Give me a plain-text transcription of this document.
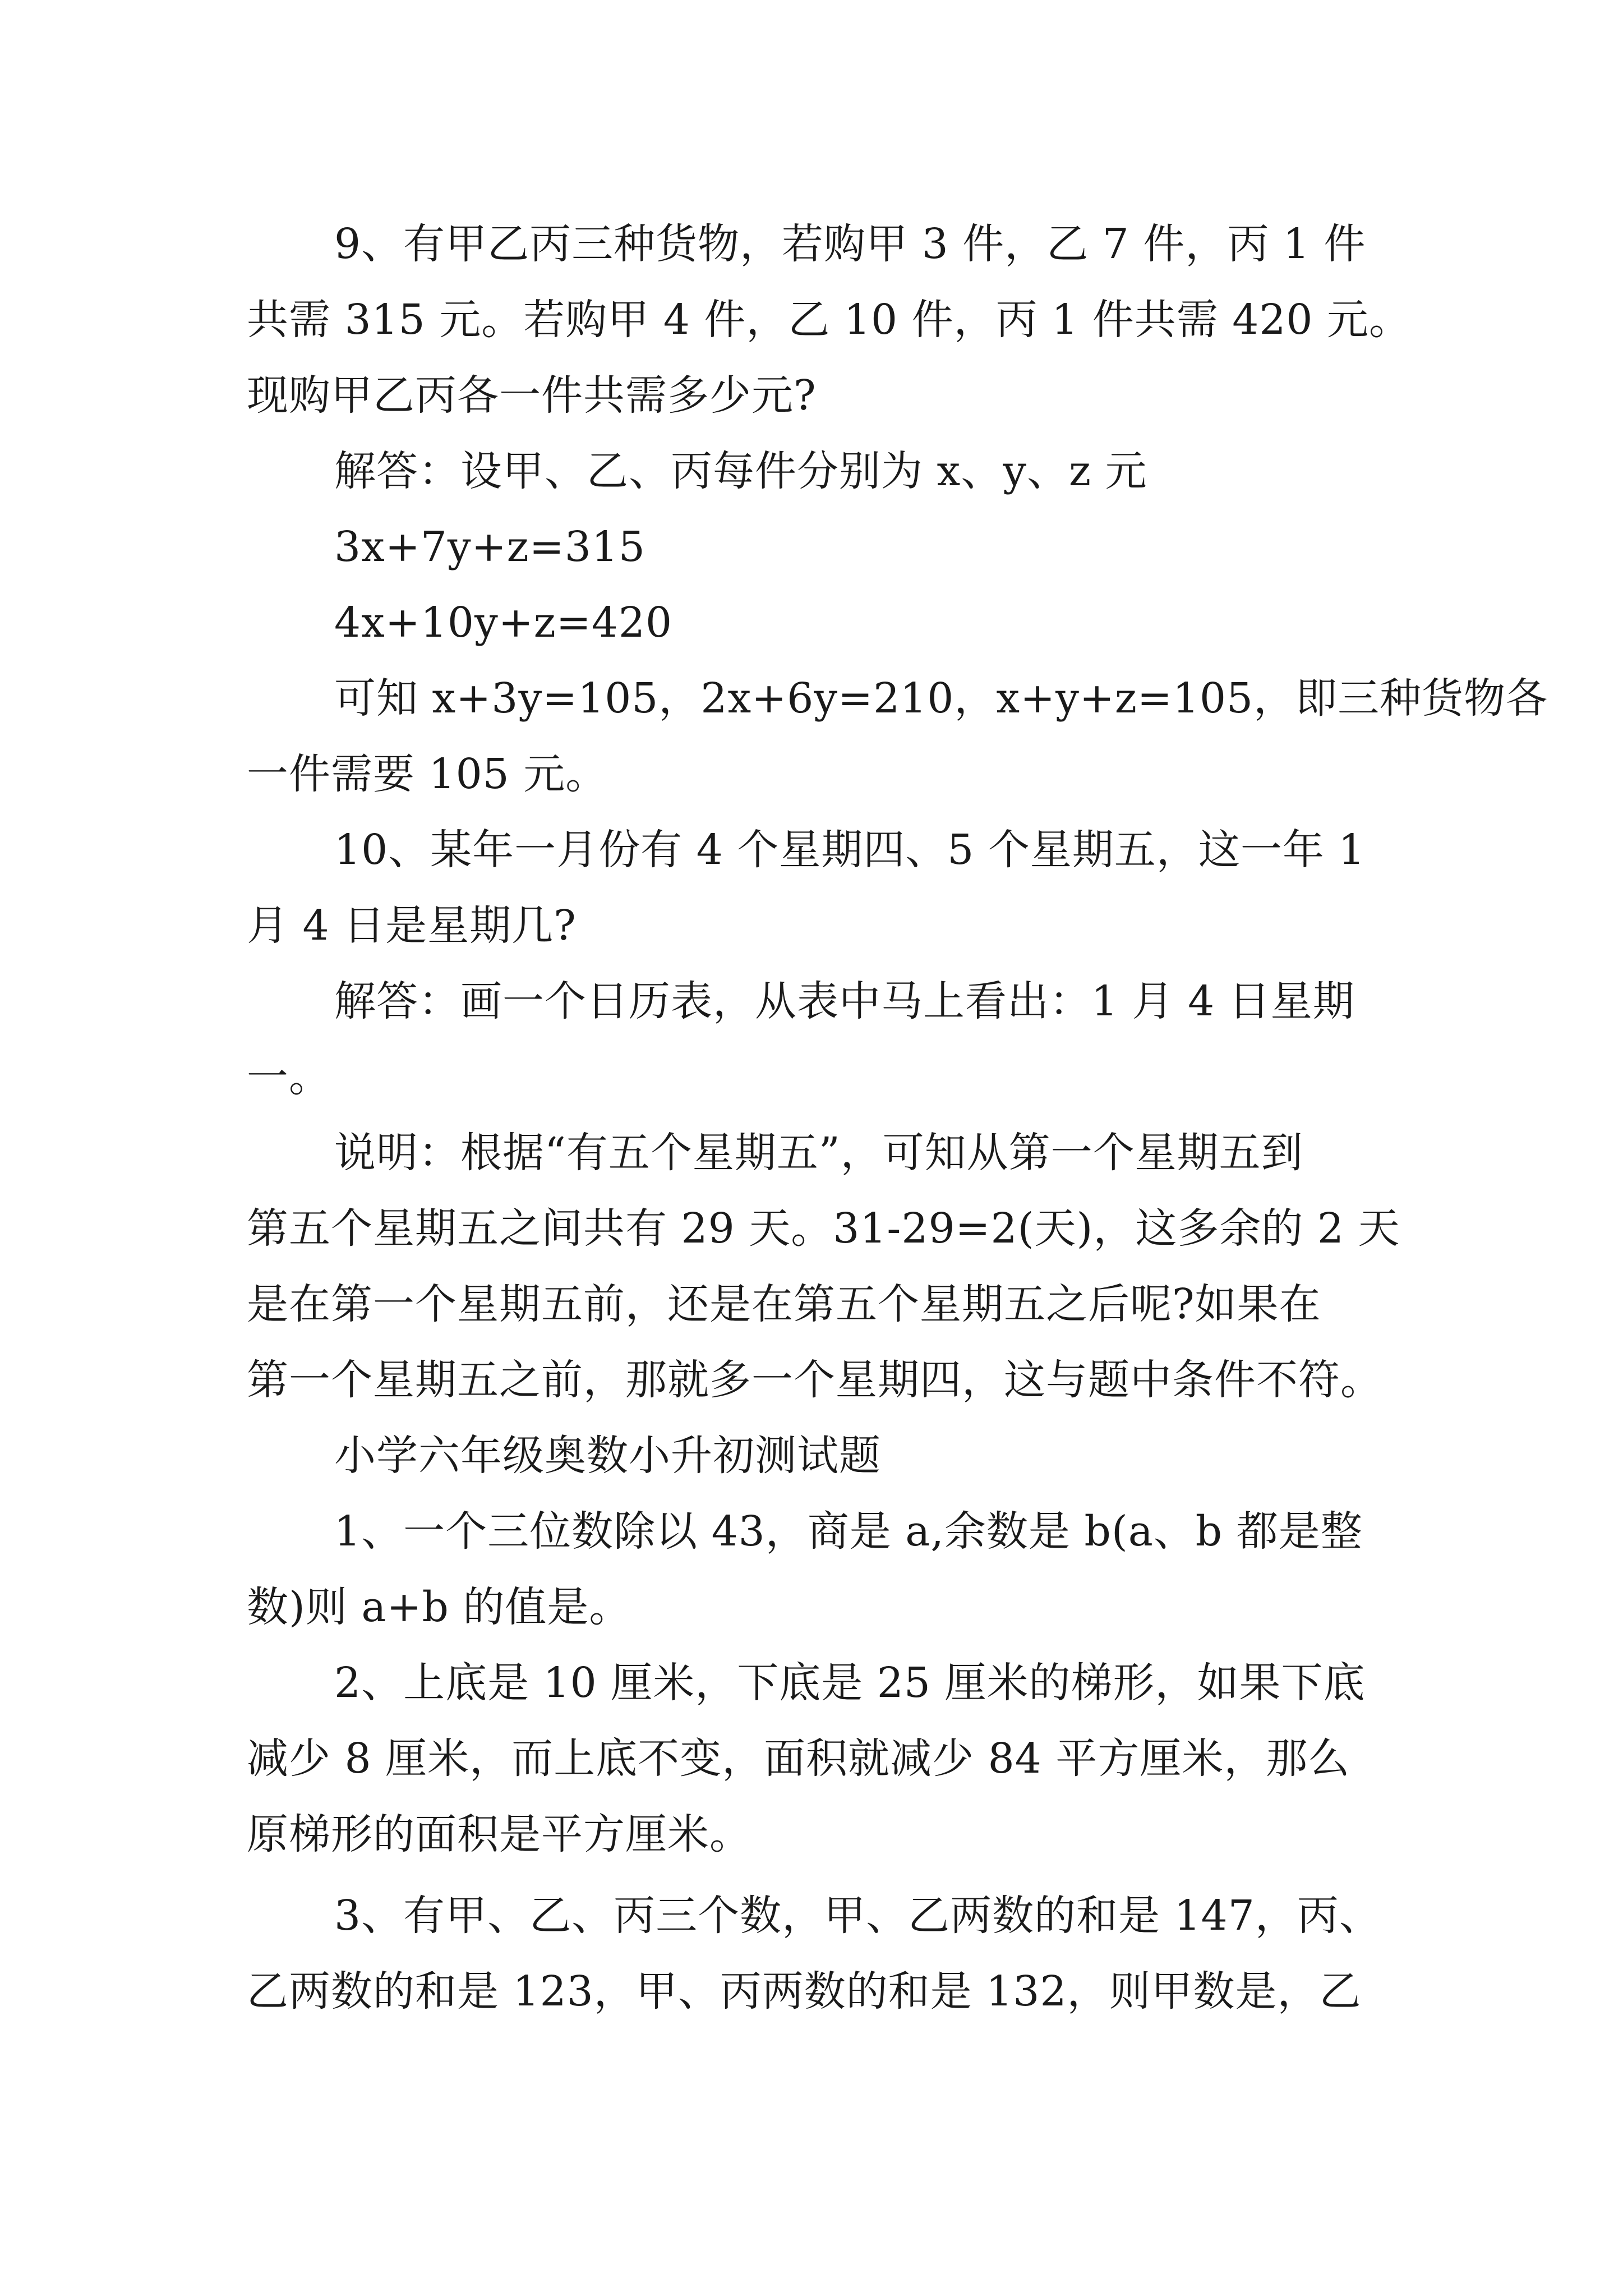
9、有甲乙丙三种货物，若购甲 3 件，乙 7 件，丙 1 件
共需 315 元。若购甲 4 件，乙 10 件，丙 1 件共需 420 元。
现购甲乙丙各一件共需多少元?
解答：设甲、乙、丙每件分别为 x、y、z 元
3x+7y+z=315
4x+10y+z=420
可知 x+3y=105，2x+6y=210，x+y+z=105，即三种货物各
一件需要 105 元。
10、某年一月份有 4 个星期四、5 个星期五，这一年 1
月 4 日是星期几?
解答：画一个日历表，从表中马上看出：1 月 4 日星期
一。
说明：根据“有五个星期五”，可知从第一个星期五到
第五个星期五之间共有 29 天。31-29=2(天)，这多余的 2 天
是在第一个星期五前，还是在第五个星期五之后呢?如果在
第一个星期五之前，那就多一个星期四，这与题中条件不符。
小学六年级奥数小升初测试题
1、一个三位数除以 43，商是 a,余数是 b(a、b 都是整
数)则 a+b 的值是。
2、上底是 10 厘米，下底是 25 厘米的梯形，如果下底
减少 8 厘米，而上底不变，面积就减少 84 平方厘米，那么
原梯形的面积是平方厘米。
3、有甲、乙、丙三个数，甲、乙两数的和是 147，丙、
乙两数的和是 123，甲、丙两数的和是 132，则甲数是，乙
